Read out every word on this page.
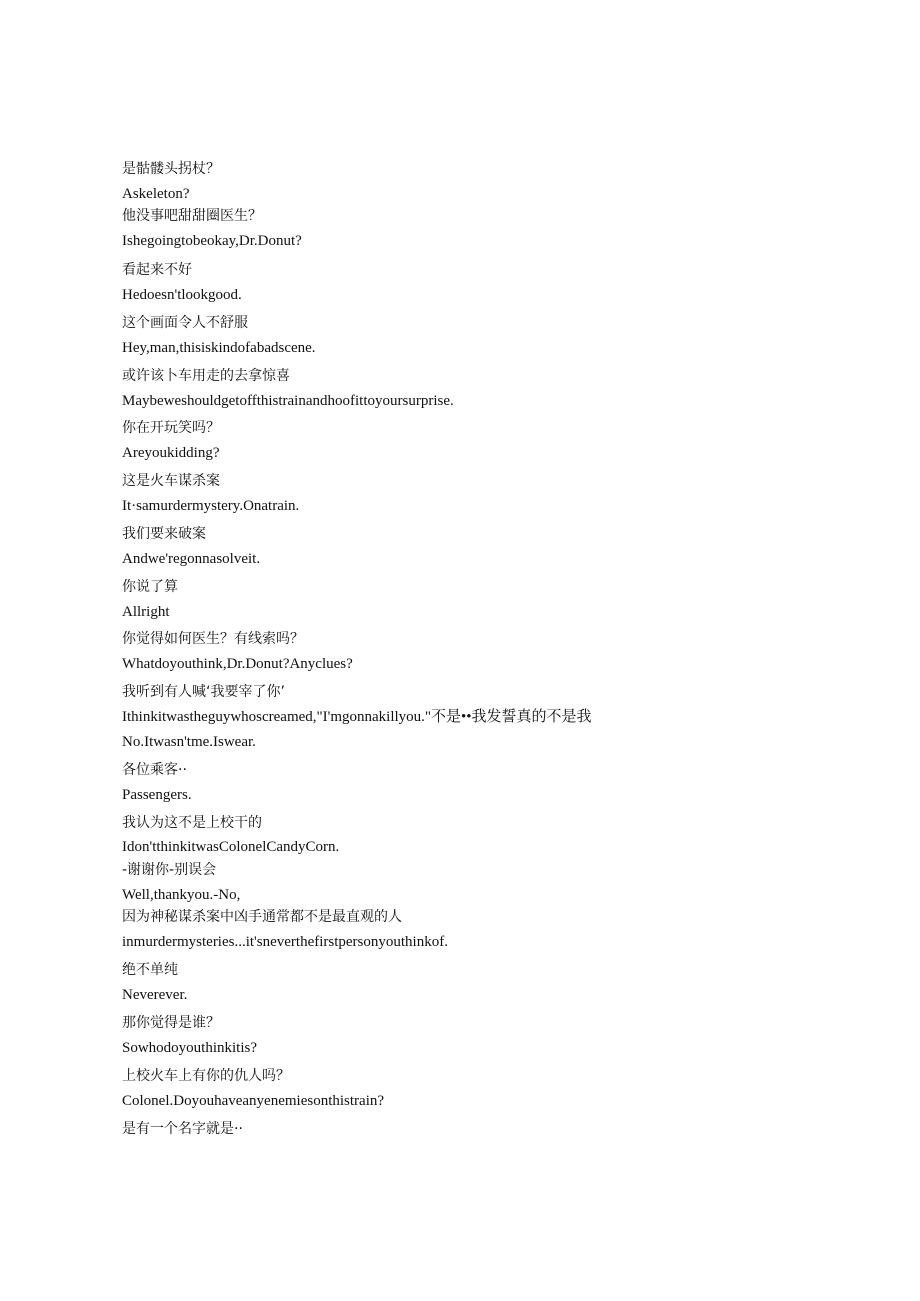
是骷髅头拐杖？

Askeleton?

他没事吧甜甜圈医生？

Ishegoingtobeokay,Dr.Donut?

看起来不好

Hedoesn'tlookgood.

这个画面令人不舒服

Hey,man,thisiskindofabadscene.

或许该卜车用走的去拿惊喜

Maybeweshouldgetoffthistrainandhoofittoyoursurprise.

你在开玩笑吗？

Areyoukidding?

这是火车谋杀案

It·samurdermystery.Onatrain.

我们要来破案

Andwe'regonnasolveit.

你说了算

Allright

你觉得如何医生？有线索吗？

Whatdoyouthink,Dr.Donut?Anyclues?

我听到有人喊‘我要宰了你’

Ithinkitwastheguywhoscreamed,"I'mgonnakillyou."不是••我发誓真的不是我

No.Itwasn'tme.Iswear.

各位乘客··

Passengers.

我认为这不是上校干的

Idon'tthinkitwasColonelCandyCorn.

-谢谢你-别误会

Well,thankyou.-No,

因为神秘谋杀案中凶手通常都不是最直观的人

inmurdermysteries...it'sneverthefirstpersonyouthinkof.

绝不单纯

Neverever.

那你觉得是谁？

Sowhodoyouthinkitis?

上校火车上有你的仇人吗？

Colonel.Doyouhaveanyenemiesonthistrain?

是有一个名字就是··
